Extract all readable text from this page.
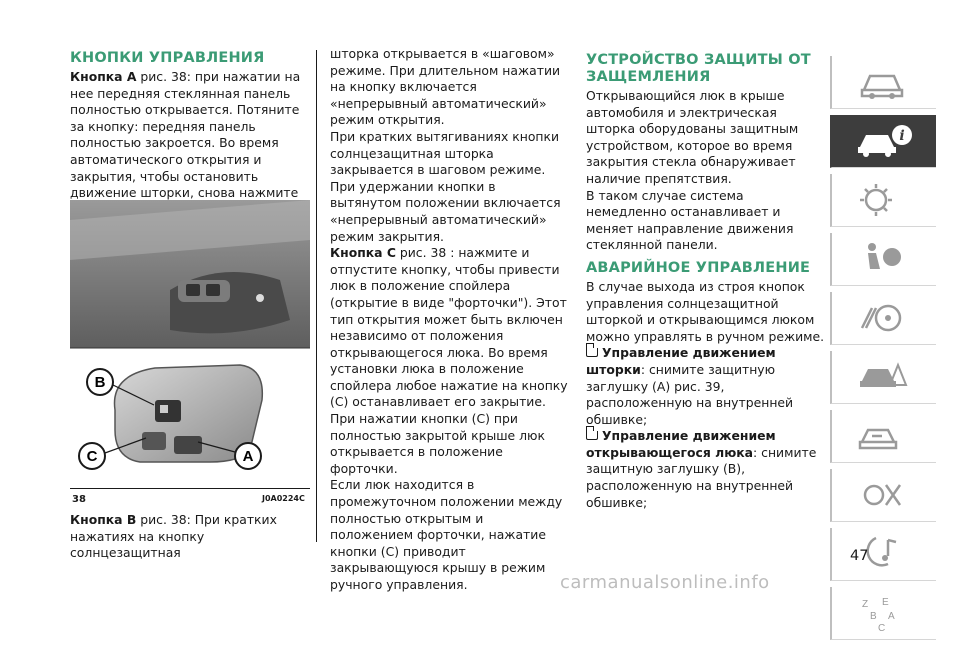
КНОПКИ УПРАВЛЕНИЯ

Кнопка A рис. 38: при нажатии на нее передняя стеклянная панель полностью открывается. Потяните за кнопку: передняя панель полностью закроется. Во время автоматического открытия и закрытия, чтобы остановить движение шторки, снова нажмите

B
C	A
38	J0A0224C
Кнопка B рис. 38: При кратких нажатиях на кнопку солнцезащитная

шторка открывается в «шаговом» режиме. При длительном нажатии на кнопку включается «непрерывный автоматический» режим открытия.

При кратких вытягиваниях кнопки солнцезащитная шторка закрывается в шаговом режиме.

При удержании кнопки в вытянутом положении включается «непрерывный автоматический» режим закрытия.

Кнопка C рис. 38 : нажмите и отпустите кнопку, чтобы привести люк в положение спойлера (открытие в виде "форточки"). Этот тип открытия может быть включен независимо от положения открывающегося люка. Во время установки люка в положение спойлера любое нажатие на кнопку (C) останавливает его закрытие. При нажатии кнопки (C) при полностью закрытой крыше люк открывается в положение форточки.

Если люк находится в промежуточном положении между полностью открытым и положением форточки, нажатие кнопки (C) приводит закрывающуюся крышу в режим ручного управления.

УСТРОЙСТВО ЗАЩИТЫ ОТ ЗАЩЕМЛЕНИЯ

Открывающийся люк в крыше автомобиля и электрическая шторка оборудованы защитным устройством, которое во время закрытия стекла обнаруживает наличие препятствия.

В таком случае система немедленно останавливает и меняет направление движения стеклянной панели.

АВАРИЙНОЕ УПРАВЛЕНИЕ

В случае выхода из строя кнопок управления солнцезащитной шторкой и открывающимся люком можно управлять в ручном режиме.

Управление движением шторки: снимите защитную заглушку (A) рис. 39, расположенную на внутренней обшивке;

Управление движением открывающегося люка: снимите защитную заглушку (B), расположенную на внутренней обшивке;

i
Z E
B A
C
47
carmanualsonline.info
